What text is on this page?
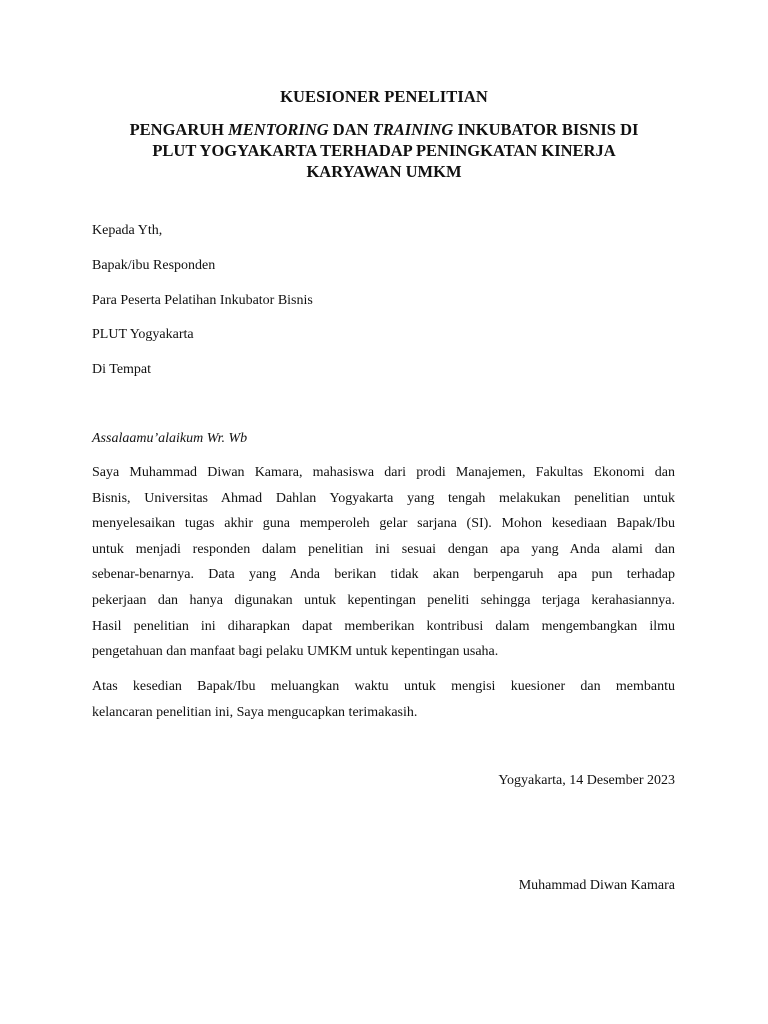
KUESIONER PENELITIAN
PENGARUH MENTORING DAN TRAINING INKUBATOR BISNIS DI
PLUT YOGYAKARTA TERHADAP PENINGKATAN KINERJA
KARYAWAN UMKM

Kepada Yth,

Bapak/ibu Responden

Para Peserta Pelatihan Inkubator Bisnis

PLUT Yogyakarta

Di Tempat

Assalaamu’alaikum Wr. Wb
Saya Muhammad Diwan Kamara, mahasiswa dari prodi Manajemen, Fakultas Ekonomi dan
Bisnis, Universitas Ahmad Dahlan Yogyakarta yang tengah melakukan penelitian untuk
menyelesaikan tugas akhir guna memperoleh gelar sarjana (SI). Mohon kesediaan Bapak/Ibu
untuk menjadi responden dalam penelitian ini sesuai dengan apa yang Anda alami dan
sebenar-benarnya. Data yang Anda berikan tidak akan berpengaruh apa pun terhadap
pekerjaan dan hanya digunakan untuk kepentingan peneliti sehingga terjaga kerahasiannya.
Hasil penelitian ini diharapkan dapat memberikan kontribusi dalam mengembangkan ilmu
pengetahuan dan manfaat bagi pelaku UMKM untuk kepentingan usaha.
Atas kesedian Bapak/Ibu meluangkan waktu untuk mengisi kuesioner dan membantu
kelancaran penelitian ini, Saya mengucapkan terimakasih.
Yogyakarta, 14 Desember 2023
Muhammad Diwan Kamara
